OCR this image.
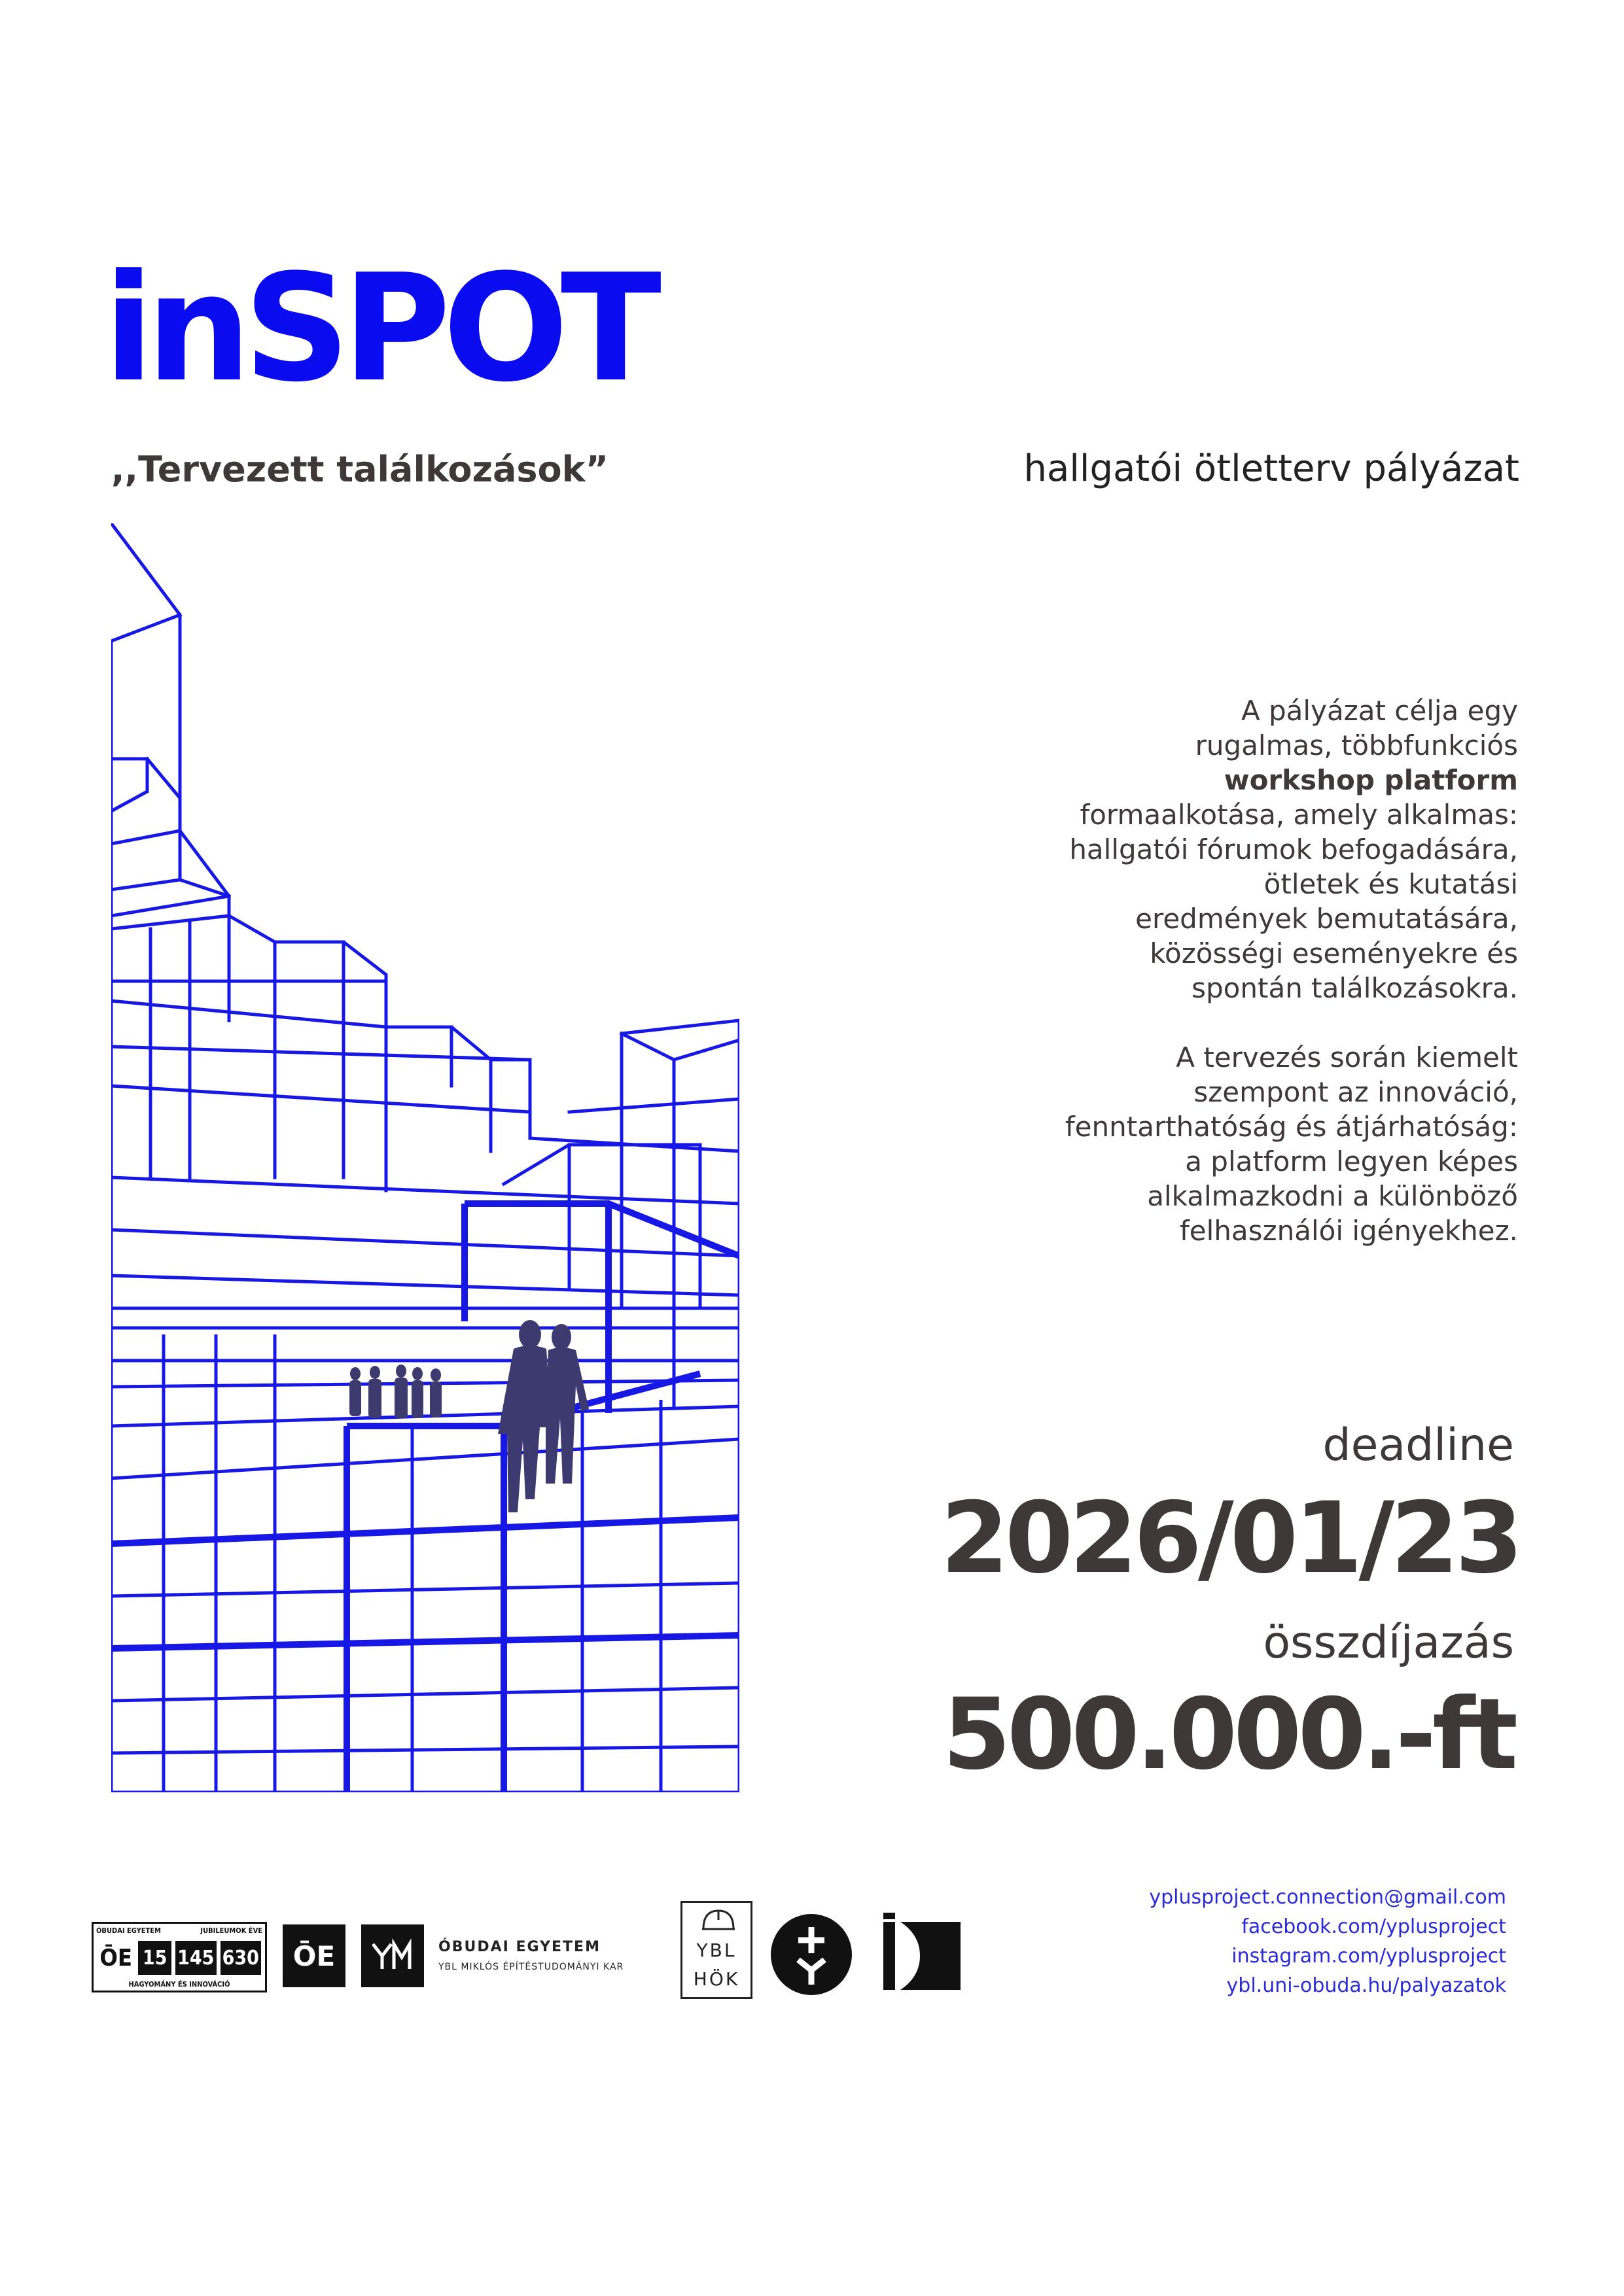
inSPOT
,,Tervezett találkozások”	hallgatói ötletterv pályázat

A pályázat célja egy
rugalmas, többfunkciós
workshop platform
formaalkotása, amely alkalmas:
hallgatói fórumok befogadására,
ötletek és kutatási
eredmények bemutatására,
közösségi eseményekre és
spontán találkozásokra.

A tervezés során kiemelt
szempont az innováció,
fenntarthatóság és átjárhatóság:
a platform legyen képes
alkalmazkodni a különböző
felhasználói igényekhez.

deadline
2026/01/23
összdíjazás
500.000.-ft
ÓBUDAI EGYETEM	JUBILEUMOK ÉVE
ŌE 15 145 630
HAGYOMÁNY ÉS INNOVÁCIÓ
ŌE	ÓBUDAI EGYETEM
YBL MIKLÓS ÉPÍTÉSTUDOMÁNYI KAR
YBL
HÖK
yplusproject.connection@gmail.com
facebook.com/yplusproject
instagram.com/yplusproject
ybl.uni-obuda.hu/palyazatok
